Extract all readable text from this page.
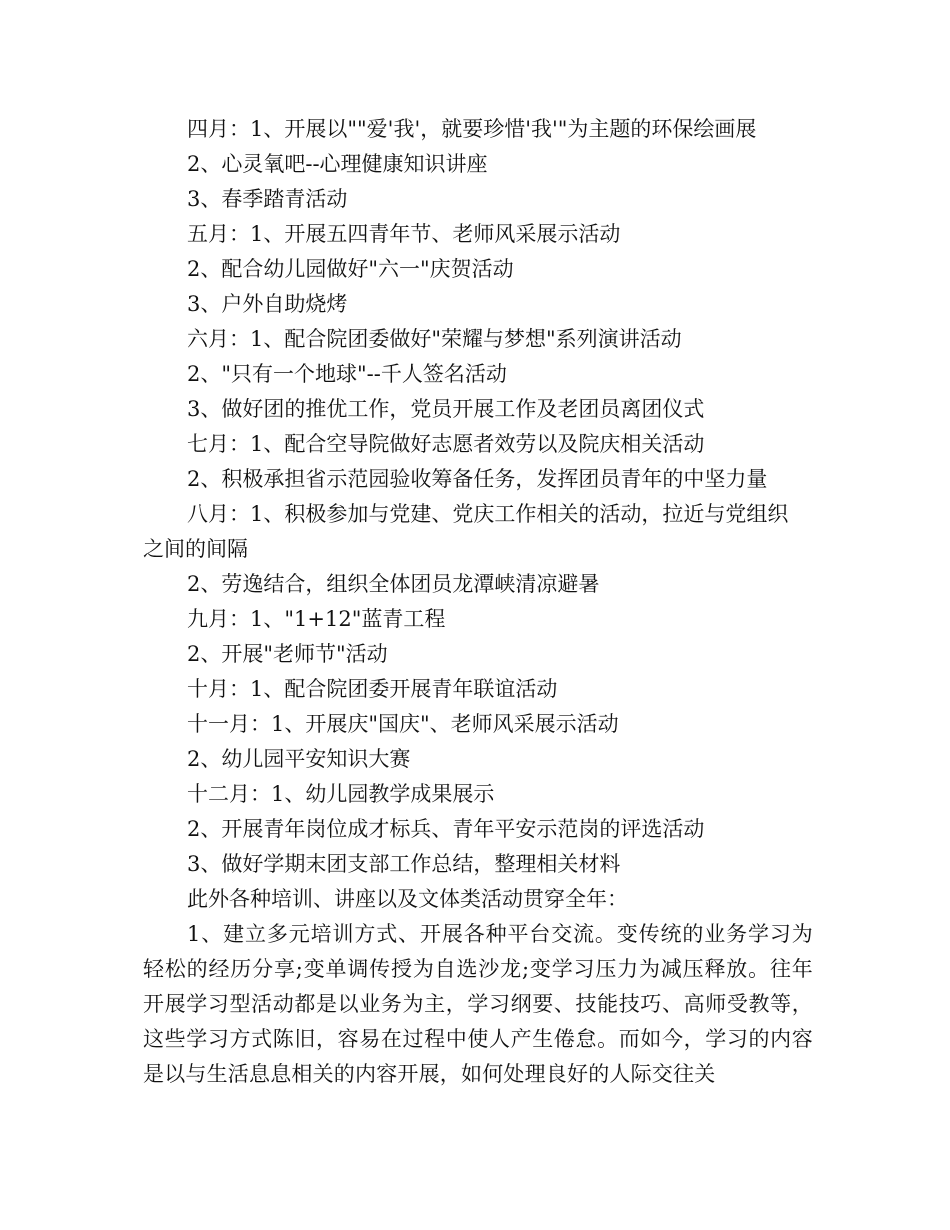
四月：1、开展以""爱'我'，就要珍惜'我'"为主题的环保绘画展
2、心灵氧吧--心理健康知识讲座
3、春季踏青活动
五月：1、开展五四青年节、老师风采展示活动
2、配合幼儿园做好"六一"庆贺活动
3、户外自助烧烤
六月：1、配合院团委做好"荣耀与梦想"系列演讲活动
2、"只有一个地球"--千人签名活动
3、做好团的推优工作，党员开展工作及老团员离团仪式
七月：1、配合空导院做好志愿者效劳以及院庆相关活动
2、积极承担省示范园验收筹备任务，发挥团员青年的中坚力量
八月：1、积极参加与党建、党庆工作相关的活动，拉近与党组织
之间的间隔
2、劳逸结合，组织全体团员龙潭峡清凉避暑
九月：1、"1+12"蓝青工程
2、开展"老师节"活动
十月：1、配合院团委开展青年联谊活动
十一月：1、开展庆"国庆"、老师风采展示活动
2、幼儿园平安知识大赛
十二月：1、幼儿园教学成果展示
2、开展青年岗位成才标兵、青年平安示范岗的评选活动
3、做好学期末团支部工作总结，整理相关材料
此外各种培训、讲座以及文体类活动贯穿全年：
1、建立多元培训方式、开展各种平台交流。变传统的业务学习为轻松的经历分享;变单调传授为自选沙龙;变学习压力为减压释放。往年开展学习型活动都是以业务为主，学习纲要、技能技巧、高师受教等，这些学习方式陈旧，容易在过程中使人产生倦怠。而如今，学习的内容是以与生活息息相关的内容开展，如何处理良好的人际交往关
